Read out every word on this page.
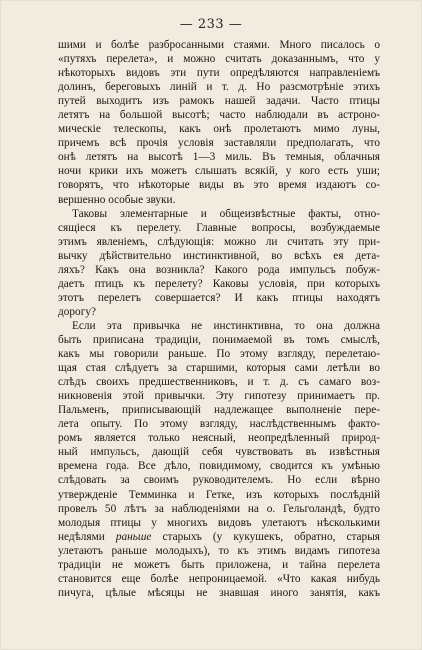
— 233 —
шими и болѣе разбросанными стаями. Много писалось о
«путяхъ перелета», и можно считать доказаннымъ, что у
нѣкоторыхъ видовъ эти пути опредѣляются направленіемъ
долинъ, береговыхъ линій и т. д. Но разсмотрѣніе этихъ
путей выходитъ изъ рамокъ нашей задачи. Часто птицы
летятъ на большой высотѣ; часто наблюдали въ астроно-
мическіе телескопы, какъ онѣ пролетаютъ мимо луны,
причемъ всѣ прочія условія заставляли предполагать, что
онѣ летятъ на высотѣ 1—3 миль. Въ темныя, облачныя
ночи крики ихъ можетъ слышать всякій, у кого есть уши;
говорятъ, что нѣкоторые виды въ это время издаютъ со-
вершенно особые звуки.
Таковы элементарные и общеизвѣстные факты, отно-
сящіеся къ перелету. Главные вопросы, возбуждаемые
этимъ явленіемъ, слѣдующія: можно ли считать эту при-
вычку дѣйствительно инстинктивной, во всѣхъ ея дета-
ляхъ? Какъ она возникла? Какого рода импульсъ побуж-
даетъ птицъ къ перелету? Каковы условія, при которыхъ
этотъ перелетъ совершается? И какъ птицы находятъ
дорогу?
Если эта привычка не инстинктивна, то она должна
быть приписана традиціи, понимаемой въ томъ смыслѣ,
какъ мы говорили раньше. По этому взгляду, перелетаю-
щая стая слѣдуетъ за старшими, которыя сами летѣли во
слѣдъ своихъ предшественниковъ, и т. д. съ самаго воз-
никновенія этой привычки. Эту гипотезу принимаетъ пр.
Пальменъ, приписывающій надлежащее выполненіе пере-
лета опыту. По этому взгляду, наслѣдственнымъ факто-
ромъ является только неясный, неопредѣленный природ-
ный импульсъ, дающій себя чувствовать въ извѣстныя
времена года. Все дѣло, повидимому, сводится къ умѣнью
слѣдовать за своимъ руководителемъ. Но если вѣрно
утвержденіе Темминка и Гетке, изъ которыхъ послѣдній
провелъ 50 лѣтъ за наблюденіями на о. Гельголандѣ, будто
молодыя птицы у многихъ видовъ улетаютъ нѣсколькими
недѣлями раньше старыхъ (у кукушекъ, обратно, старыя
улетаютъ раньше молодыхъ), то къ этимъ видамъ гипотеза
традиціи не можетъ быть приложена, и тайна перелета
становится еще болѣе непроницаемой. «Что какая нибудь
пичуга, цѣлые мѣсяцы не знавшая иного занятія, какъ
